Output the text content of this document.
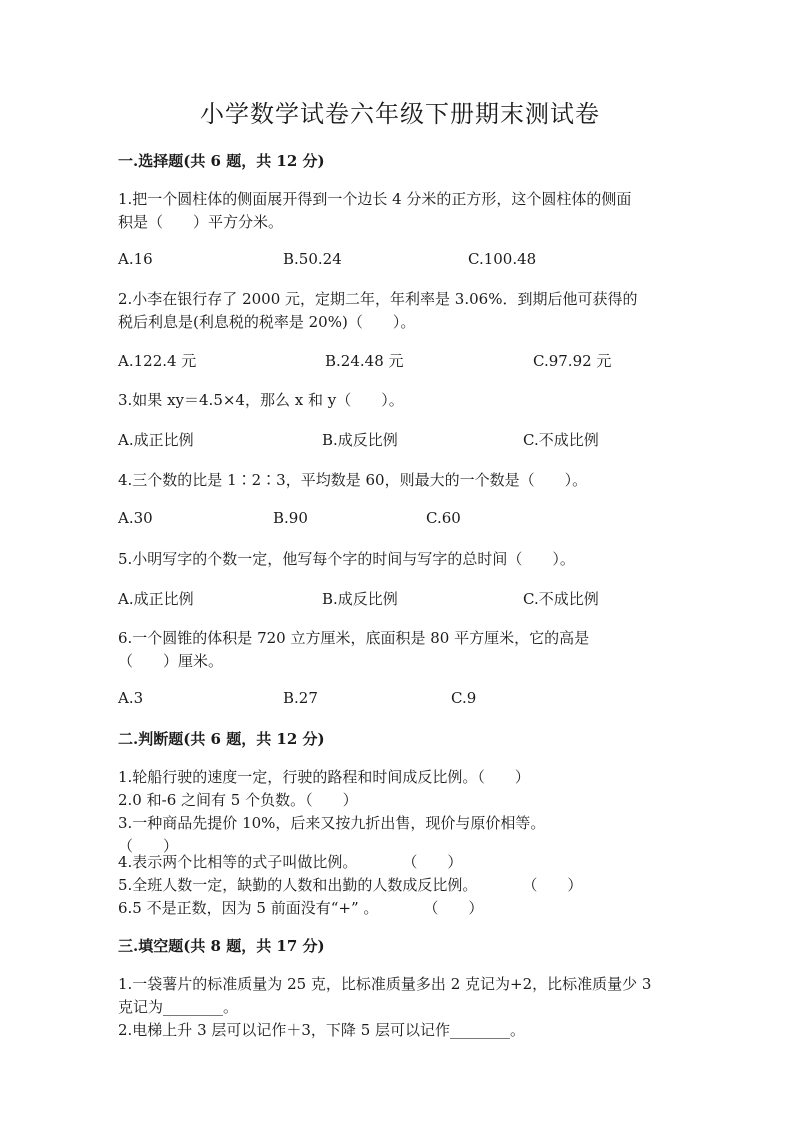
小学数学试卷六年级下册期末测试卷
一.选择题(共 6 题，共 12 分)
1.把一个圆柱体的侧面展开得到一个边长 4 分米的正方形，这个圆柱体的侧面
积是（　　）平方分米。
A.16	B.50.24	C.100.48
2.小李在银行存了 2000 元，定期二年，年利率是 3.06%．到期后他可获得的
税后利息是(利息税的税率是 20%)（　　）。
A.122.4 元	B.24.48 元	C.97.92 元
3.如果 xy＝4.5×4，那么 x 和 y（　　）。
A.成正比例	B.成反比例	C.不成比例
4.三个数的比是 1∶2∶3，平均数是 60，则最大的一个数是（　　）。
A.30	B.90	C.60
5.小明写字的个数一定，他写每个字的时间与写字的总时间（　　）。
A.成正比例	B.成反比例	C.不成比例
6.一个圆锥的体积是 720 立方厘米，底面积是 80 平方厘米，它的高是
（　　）厘米。
A.3	B.27	C.9
二.判断题(共 6 题，共 12 分)
1.轮船行驶的速度一定，行驶的路程和时间成反比例。（　　）
2.0 和-6 之间有 5 个负数。（　　）
3.一种商品先提价 10%，后来又按九折出售，现价与原价相等。
（　　）
4.表示两个比相等的式子叫做比例。　　　　（　　）
5.全班人数一定，缺勤的人数和出勤的人数成反比例。　　　　（　　）
6.5 不是正数，因为 5 前面没有“+” 。　　　　（　　）
三.填空题(共 8 题，共 17 分)
1.一袋薯片的标准质量为 25 克，比标准质量多出 2 克记为+2，比标准质量少 3
克记为________。
2.电梯上升 3 层可以记作＋3，下降 5 层可以记作________。
